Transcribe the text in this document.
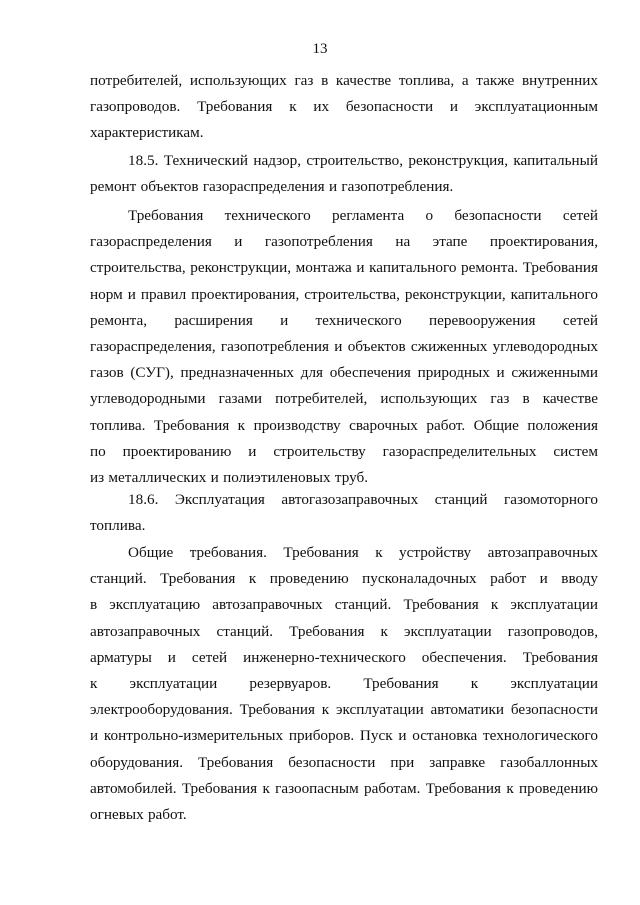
13

потребителей, использующих газ в качестве топлива, а также внутренних

газопроводов. Требования к их безопасности и эксплуатационным

характеристикам.

18.5. Технический надзор, строительство, реконструкция, капитальный

ремонт объектов газораспределения и газопотребления.

Требования технического регламента о безопасности сетей

газораспределения и газопотребления на этапе проектирования,

строительства, реконструкции, монтажа и капитального ремонта. Требования

норм и правил проектирования, строительства, реконструкции, капитального

ремонта, расширения и технического перевооружения сетей

газораспределения, газопотребления и объектов сжиженных углеводородных

газов (СУГ), предназначенных для обеспечения природных и сжиженными

углеводородными газами потребителей, использующих газ в качестве

топлива. Требования к производству сварочных работ. Общие положения

по проектированию и строительству газораспределительных систем

из металлических и полиэтиленовых труб.

18.6. Эксплуатация автогазозаправочных станций газомоторного

топлива.

Общие требования. Требования к устройству автозаправочных

станций. Требования к проведению пусконаладочных работ и вводу

в эксплуатацию автозаправочных станций. Требования к эксплуатации

автозаправочных станций. Требования к эксплуатации газопроводов,

арматуры и сетей инженерно-технического обеспечения. Требования

к эксплуатации резервуаров. Требования к эксплуатации

электрооборудования. Требования к эксплуатации автоматики безопасности

и контрольно-измерительных приборов. Пуск и остановка технологического

оборудования. Требования безопасности при заправке газобаллонных

автомобилей. Требования к газоопасным работам. Требования к проведению

огневых работ.
